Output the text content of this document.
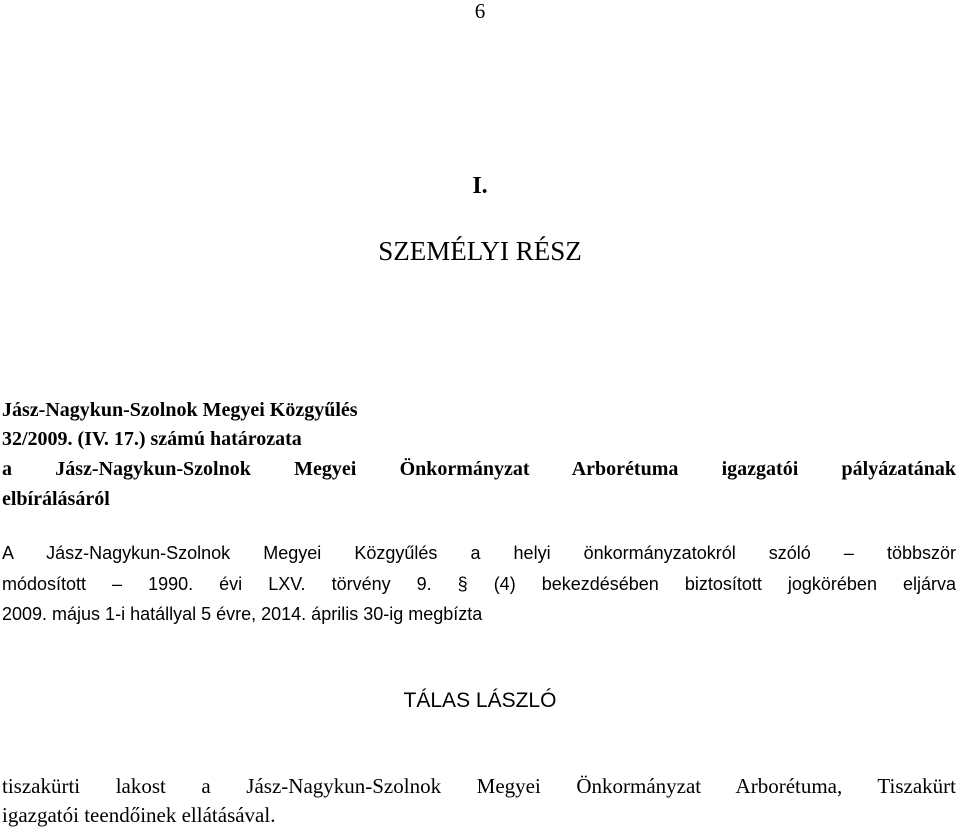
6
I.
SZEMÉLYI RÉSZ
Jász-Nagykun-Szolnok Megyei Közgyűlés
32/2009. (IV. 17.) számú határozata
a Jász-Nagykun-Szolnok Megyei Önkormányzat Arborétuma igazgatói pályázatának
elbírálásáról
A Jász-Nagykun-Szolnok Megyei Közgyűlés a helyi önkormányzatokról szóló – többször
módosított – 1990. évi LXV. törvény 9. § (4) bekezdésében biztosított jogkörében eljárva
2009. május 1-i hatállyal 5 évre, 2014. április 30-ig megbízta
TÁLAS LÁSZLÓ
tiszakürti lakost a Jász-Nagykun-Szolnok Megyei Önkormányzat Arborétuma, Tiszakürt
igazgatói teendőinek ellátásával.
